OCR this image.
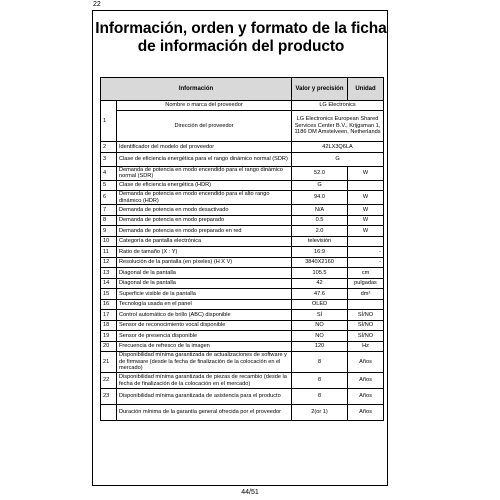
22
Información, orden y formato de la ficha de información del producto
Información		Valor y precisión	Unidad
1	Nombre o marca del proveedor	LG Electronics	
	Dirección del proveedor	LG Electronics European Shared Services Center B.V., Krijgsman 1, 1186 DM Amstelveen, Netherlands	
2	Identificador del modelo del proveedor	42LX3Q6LA	
3	Clase de eficiencia energética para el rango dinámico normal (SDR)	G	
4	Demanda de potencia en modo encendido para el rango dinámico normal (SDR)	52.0	W
5	Clase de eficiencia energética (HDR)	G	
6	Demanda de potencia en modo encendido para el alto rango dinámico (HDR)	94.0	W
7	Demanda de potencia en modo desactivado	N/A	W
8	Demanda de potencia en modo preparado	0.5	W
9	Demanda de potencia en modo preparado en red	2.0	W
10	Categoría de pantalla electrónica	televisión	
11	Ratio de tamaño (X : Y)	16:9	-
12	Resolución de la pantalla (en píxeles) (H X V)	3840X2160	-
13	Diagonal de la pantalla	105.5	cm
14	Diagonal de la pantalla	42	pulgadas
15	Superficie visible de la pantalla	47.6	dm²
16	Tecnología usada en el panel	OLED	
17	Control automático de brillo (ABC) disponible	SÍ	SÍ/NO
18	Sensor de reconocimiento vocal disponible	NO	SÍ/NO
19	Sensor de presencia disponible	NO	SÍ/NO
20	Frecuencia de refresco de la imagen	120	Hz
21	Disponibilidad mínima garantizada de actualizaciones de software y de firmware (desde la fecha de finalización de la colocación en el mercado)	8	Años
22	Disponibilidad mínima garantizada de piezas de recambio (desde la fecha de finalización de la colocación en el mercado)	8	Años
23	Disponibilidad mínima garantizada de asistencia para el producto	8	Años
	Duración mínima de la garantía general ofrecida por el proveedor	2(or 1)	Años
44/51
